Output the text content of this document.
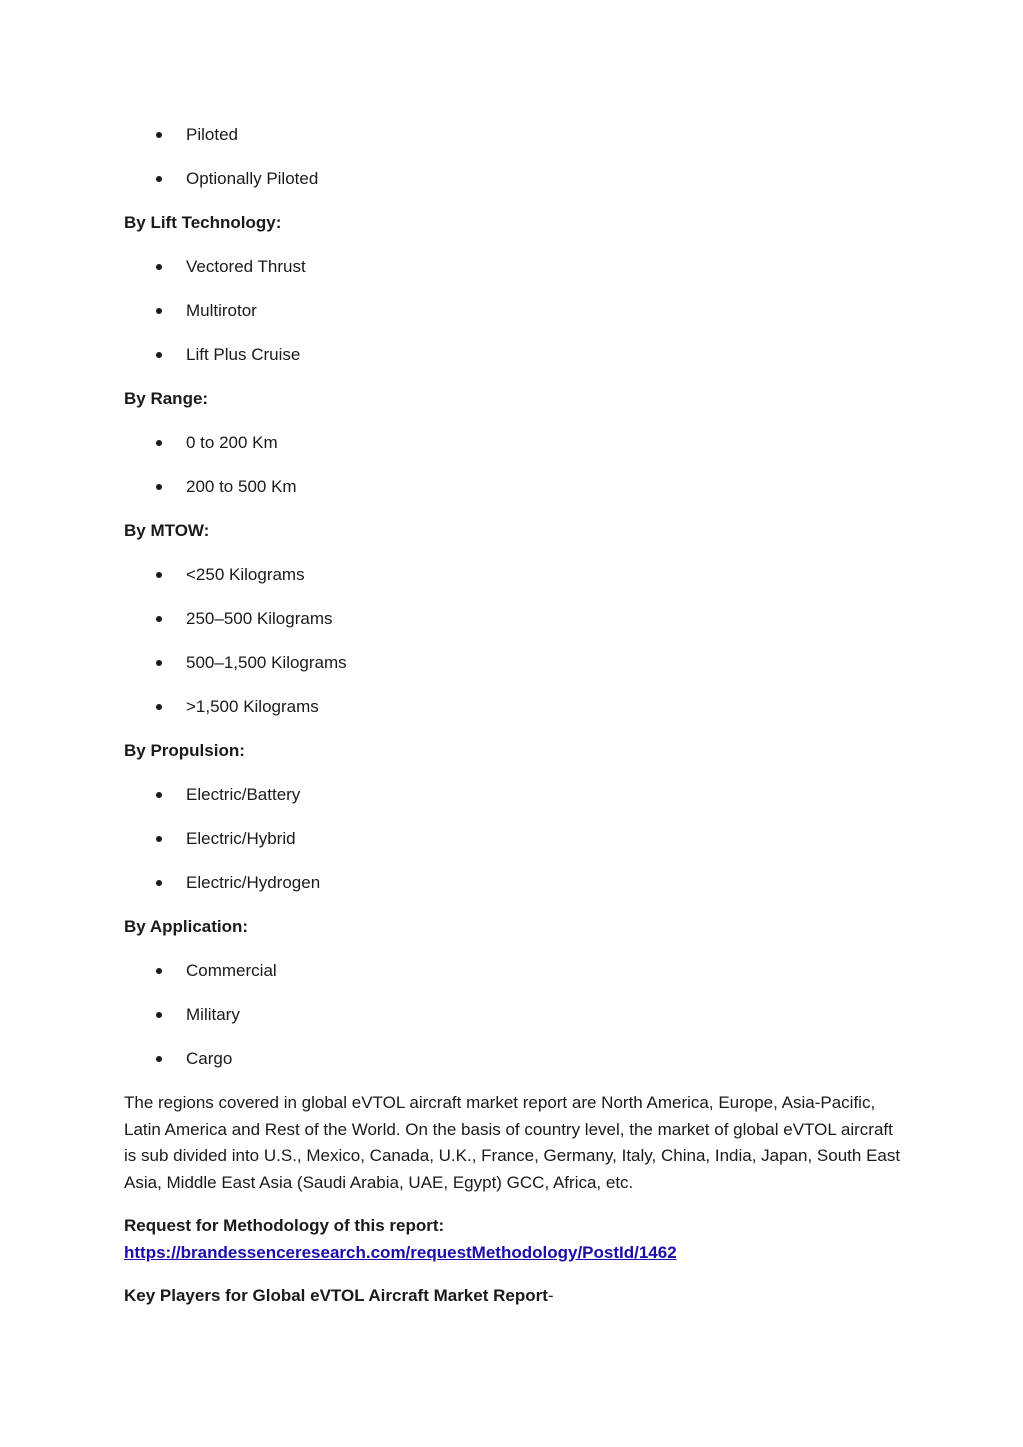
Piloted
Optionally Piloted
By Lift Technology:
Vectored Thrust
Multirotor
Lift Plus Cruise
By Range:
0 to 200 Km
200 to 500 Km
By MTOW:
<250 Kilograms
250–500 Kilograms
500–1,500 Kilograms
>1,500 Kilograms
By Propulsion:
Electric/Battery
Electric/Hybrid
Electric/Hydrogen
By Application:
Commercial
Military
Cargo

The regions covered in global eVTOL aircraft market report are North America, Europe, Asia-Pacific, Latin America and Rest of the World. On the basis of country level, the market of global eVTOL aircraft is sub divided into U.S., Mexico, Canada, U.K., France, Germany, Italy, China, India, Japan, South East Asia, Middle East Asia (Saudi Arabia, UAE, Egypt) GCC, Africa, etc.

Request for Methodology of this report:
https://brandessenceresearch.com/requestMethodology/PostId/1462

Key Players for Global eVTOL Aircraft Market Report-
